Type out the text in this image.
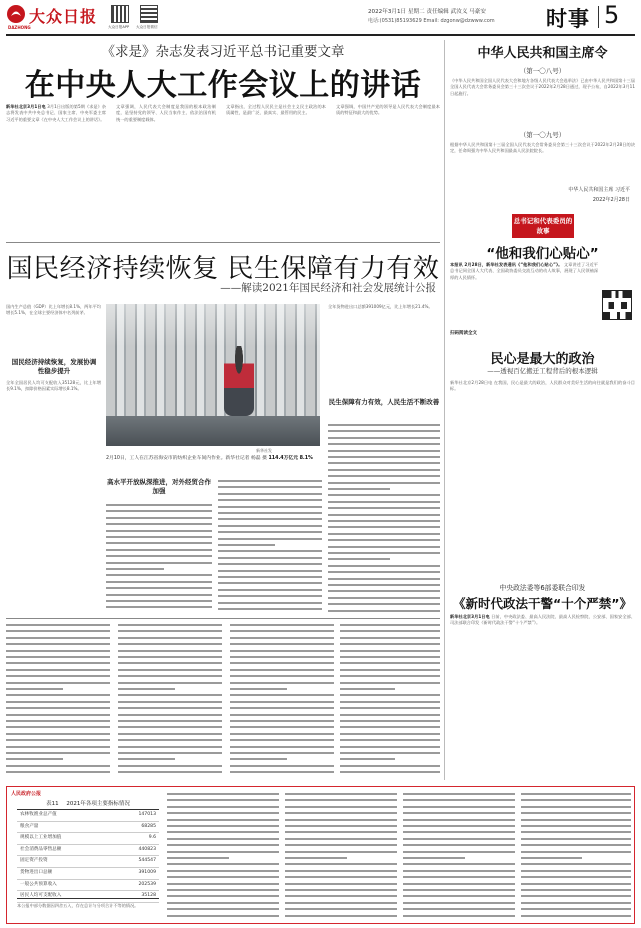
大众日报
DAZHONG	大众日报APP	大众日报微信
2022年3月1日 星期二 责任编辑 武汝义 马豪安
电话:(0531)85193629 Email: dzgonw@dzwww.com 时事 5
《求是》杂志发表习近平总书记重要文章
在中央人大工作会议上的讲话
新华社北京3月1日电 3月1日出版的第5期《求是》杂志将发表中共中央总书记、国家主席、中央军委主席习近平的重要文章《在中央人大工作会议上的讲话》。
文章强调，人民代表大会制度是我国的根本政治制度，是坚持党的领导、人民当家作主、依法治国有机统一的重要制度载体。
文章指出，全过程人民民主是社会主义民主政治的本质属性，是最广泛、最真实、最管用的民主。
文章强调，中国共产党的领导是人民代表大会制度最本质的特征和最大的优势。
中华人民共和国主席令
（第一〇八号）
《中华人民共和国全国人民代表大会和地方各级人民代表大会选举法》已由中华人民共和国第十三届全国人民代表大会常务委员会第三十三次会议于2022年2月28日通过，现予公布，自2022年3月11日起施行。
（第一〇九号）
根据中华人民共和国第十三届全国人民代表大会常务委员会第三十三次会议于2022年2月28日的决定，任命周强为中华人民共和国最高人民法院院长。
中华人民共和国主席 习近平
2022年2月28日
总书记和代表委员的故事
“他和我们心贴心”
本报讯 2月28日，新华社发表通讯《“他和我们心贴心”》。 文章讲述了习近平总书记同全国人大代表、全国政协委员交流互动的动人故事，展现了人民领袖深厚的人民情怀。
扫码阅读全文
国民经济持续恢复 民生保障有力有效
——解读2021年国民经济和社会发展统计公报
国内生产总值（GDP）比上年增长8.1%，两年平均增长5.1%，在全球主要经济体中名列前茅。
国民经济持续恢复，发展协调性稳步提升
全年全国居民人均可支配收入35128元，比上年增长9.1%，扣除价格因素实际增长8.1%。
新华社发
2月10日，工人在江苏省海安市的纺织企业车间内作业。新华社记者 杨磊 摄 114.4万亿元 8.1%
全年货物进出口总额391009亿元，比上年增长21.4%。
民生保障有力有效，人民生活不断改善
高水平开放纵深推进，对外经贸合作加强
民心是最大的政治
——透视百亿搬迁工程背后的根本逻辑
新华社北京2月28日电 在我国，民心是最大的政治，人民群众对美好生活的向往就是我们的奋斗目标。
中央政法委等6部委联合印发
《新时代政法干警“十个严禁”》
新华社北京3月1日电 日前，中央政法委、最高人民法院、最高人民检察院、公安部、国家安全部、司法部联合印发《新时代政法干警“十个严禁”》。
人民政府公报
表11 2021年各项主要指标情况
农林牧渔业总产值	147013
粮食产量	68285
规模以上工业增加值	9.6
社会消费品零售总额	440823
固定资产投资	544547
货物进出口总额	391009
一般公共预算收入	202539
居民人均可支配收入	35128
本公报中部分数据因四舍五入，存在总计与分项合计不等的情况。
